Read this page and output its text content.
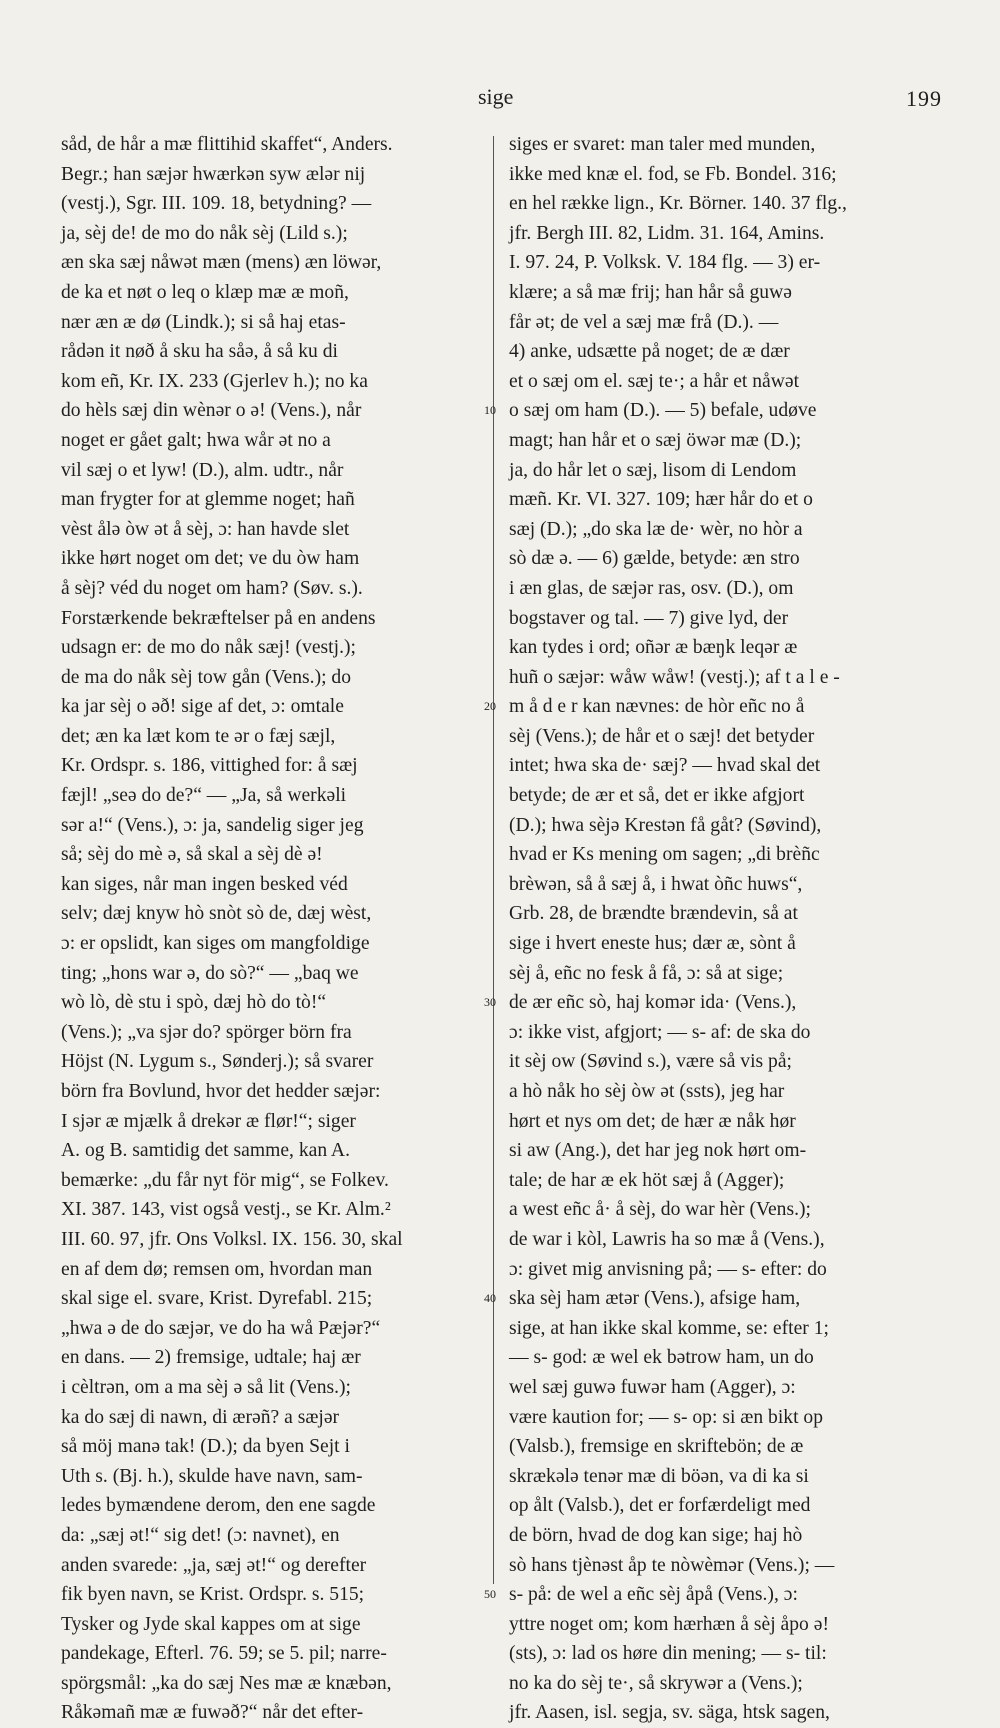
sige	199
såd, de hår a mæ flittihid skaffet“, Anders.
Begr.; han sæjər hwærkən syw ælər nij
(vestj.), Sgr. III. 109. 18, betydning? —
ja, sèj de! de mo do nåk sèj (Lild s.);
æn ska sæj nåwət mæn (mens) æn löwər,
de ka et nøt o leq o klæp mæ æ moñ,
nær æn æ dø (Lindk.); si så haj etas-
rådən it nøð å sku ha såə, å så ku di
kom eñ, Kr. IX. 233 (Gjerlev h.); no ka
do hèls sæj din wènər o ə! (Vens.), når
noget er gået galt; hwa wår ət no a
vil sæj o et lyw! (D.), alm. udtr., når
man frygter for at glemme noget; hañ
vèst ålə òw ət å sèj, ɔ: han havde slet
ikke hørt noget om det; ve du òw ham
å sèj? véd du noget om ham? (Søv. s.).
Forstærkende bekræftelser på en andens
udsagn er: de mo do nåk sæj! (vestj.);
de ma do nåk sèj tow gån (Vens.); do
ka jar sèj o əð! sige af det, ɔ: omtale
det; æn ka læt kom te ər o fæj sæjl,
Kr. Ordspr. s. 186, vittighed for: å sæj
fæjl! „seə do de?“ — „Ja, så werkəli
sər a!“ (Vens.), ɔ: ja, sandelig siger jeg
så; sèj do mè ə, så skal a sèj dè ə!
kan siges, når man ingen besked véd
selv; dæj knyw hò snòt sò de, dæj wèst,
ɔ: er opslidt, kan siges om mangfoldige
ting; „hons war ə, do sò?“ — „baq we
wò lò, dè stu i spò, dæj hò do tò!“
(Vens.); „va sjər do? spörger börn fra
Höjst (N. Lygum s., Sønderj.); så svarer
börn fra Bovlund, hvor det hedder sæjər:
I sjər æ mjælk å drekər æ flør!“; siger
A. og B. samtidig det samme, kan A.
bemærke: „du får nyt för mig“, se Folkev.
XI. 387. 143, vist også vestj., se Kr. Alm.²
III. 60. 97, jfr. Ons Volksl. IX. 156. 30, skal
en af dem dø; remsen om, hvordan man
skal sige el. svare, Krist. Dyrefabl. 215;
„hwa ə de do sæjər, ve do ha wå Pæjər?“
en dans. — 2) fremsige, udtale; haj ær
i cèltrən, om a ma sèj ə så lit (Vens.);
ka do sæj di nawn, di ærəñ? a sæjər
så möj manə tak! (D.); da byen Sejt i
Uth s. (Bj. h.), skulde have navn, sam-
ledes bymændene derom, den ene sagde
da: „sæj ət!“ sig det! (ɔ: navnet), en
anden svarede: „ja, sæj ət!“ og derefter
fik byen navn, se Krist. Ordspr. s. 515;
Tysker og Jyde skal kappes om at sige
pandekage, Efterl. 76. 59; se 5. pil; narre-
spörgsmål: „ka do sæj Nes mæ æ knæbən,
Råkəmañ mæ æ fuwəð?“ når det efter-
10
20
30
40
50
siges er svaret: man taler med munden,
ikke med knæ el. fod, se Fb. Bondel. 316;
en hel række lign., Kr. Börner. 140. 37 flg.,
jfr. Bergh III. 82, Lidm. 31. 164, Amins.
I. 97. 24, P. Volksk. V. 184 flg. — 3) er-
klære; a så mæ frij; han hår så guwə
får ət; de vel a sæj mæ frå (D.). —
4) anke, udsætte på noget; de æ dær
et o sæj om el. sæj te·; a hår et nåwət
o sæj om ham (D.). — 5) befale, udøve
magt; han hår et o sæj öwər mæ (D.);
ja, do hår let o sæj, lisom di Lendom
mæñ. Kr. VI. 327. 109; hær hår do et o
sæj (D.); „do ska læ de· wèr, no hòr a
sò dæ ə. — 6) gælde, betyde: æn stro
i æn glas, de sæjər ras, osv. (D.), om
bogstaver og tal. — 7) give lyd, der
kan tydes i ord; oñər æ bæŋk leqər æ
huñ o sæjər: wåw wåw! (vestj.); af t a l e -
m å d e r kan nævnes: de hòr eñc no å
sèj (Vens.); de hår et o sæj! det betyder
intet; hwa ska de· sæj? — hvad skal det
betyde; de ær et så, det er ikke afgjort
(D.); hwa sèjə Krestən få gåt? (Søvind),
hvad er Ks mening om sagen; „di brèñc
brèwən, så å sæj å, i hwat òñc huws“,
Grb. 28, de brændte brændevin, så at
sige i hvert eneste hus; dær æ, sònt å
sèj å, eñc no fesk å få, ɔ: så at sige;
de ær eñc sò, haj komər ida· (Vens.),
ɔ: ikke vist, afgjort; — s- af: de ska do
it sèj ow (Søvind s.), være så vis på;
a hò nåk ho sèj òw ət (ssts), jeg har
hørt et nys om det; de hær æ nåk hør
si aw (Ang.), det har jeg nok hørt om-
tale; de har æ ek höt sæj å (Agger);
a west eñc å· å sèj, do war hèr (Vens.);
de war i kòl, Lawris ha so mæ å (Vens.),
ɔ: givet mig anvisning på; — s- efter: do
ska sèj ham ætər (Vens.), afsige ham,
sige, at han ikke skal komme, se: efter 1;
— s- god: æ wel ek bətrow ham, un do
wel sæj guwə fuwər ham (Agger), ɔ:
være kaution for; — s- op: si æn bikt op
(Valsb.), fremsige en skriftebön; de æ
skrækələ tenər mæ di böən, va di ka si
op ålt (Valsb.), det er forfærdeligt med
de börn, hvad de dog kan sige; haj hò
sò hans tjènəst åp te nòwèmər (Vens.); —
s- på: de wel a eñc sèj åpå (Vens.), ɔ:
yttre noget om; kom hærhæn å sèj åpo ə!
(sts), ɔ: lad os høre din mening; — s- til:
no ka do sèj te·, så skrywər a (Vens.);
jfr. Aasen, isl. segja, sv. säga, htsk sagen,
